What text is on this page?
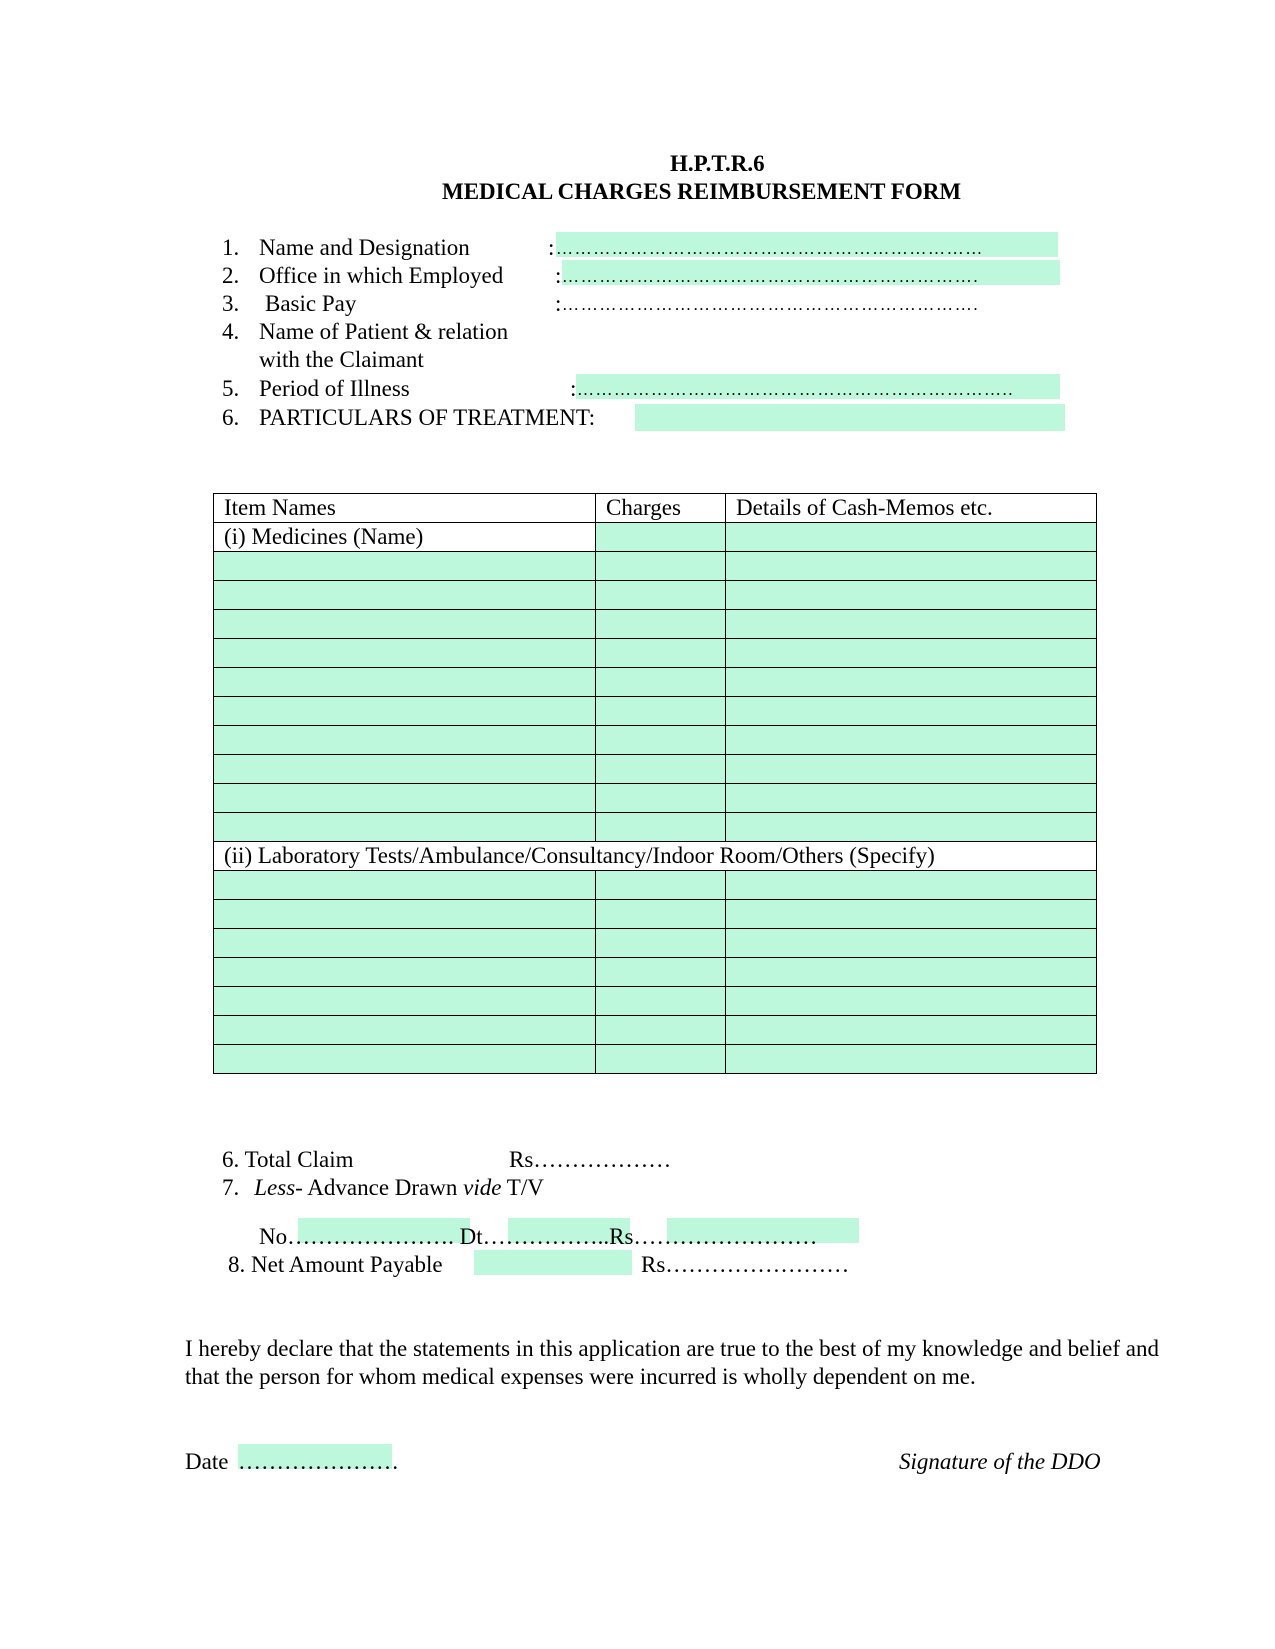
H.P.T.R.6
MEDICAL CHARGES REIMBURSEMENT FORM
1. Name and Designation	: ……………………………………………………………
2. Office in which Employed : ………………………………………………………….
3. Basic Pay	: ………………………………………………………….
4. Name of Patient & relation
with the Claimant
5. Period of Illness	: ……………………………………………………………..
6. PARTICULARS OF TREATMENT:
Item Names	Charges	Details of Cash-Memos etc.
(i) Medicines (Name)		

(ii) Laboratory Tests/Ambulance/Consultancy/Indoor Room/Others (Specify)		

6. Total Claim	Rs………………
7. Less- Advance Drawn vide T/V
No…………………. Dt……………..Rs……………………
8. Net Amount Payable	Rs……………………
I hereby declare that the statements in this application are true to the best of my knowledge and belief and
that the person for whom medical expenses were incurred is wholly dependent on me.
Date …………………	Signature of the DDO
